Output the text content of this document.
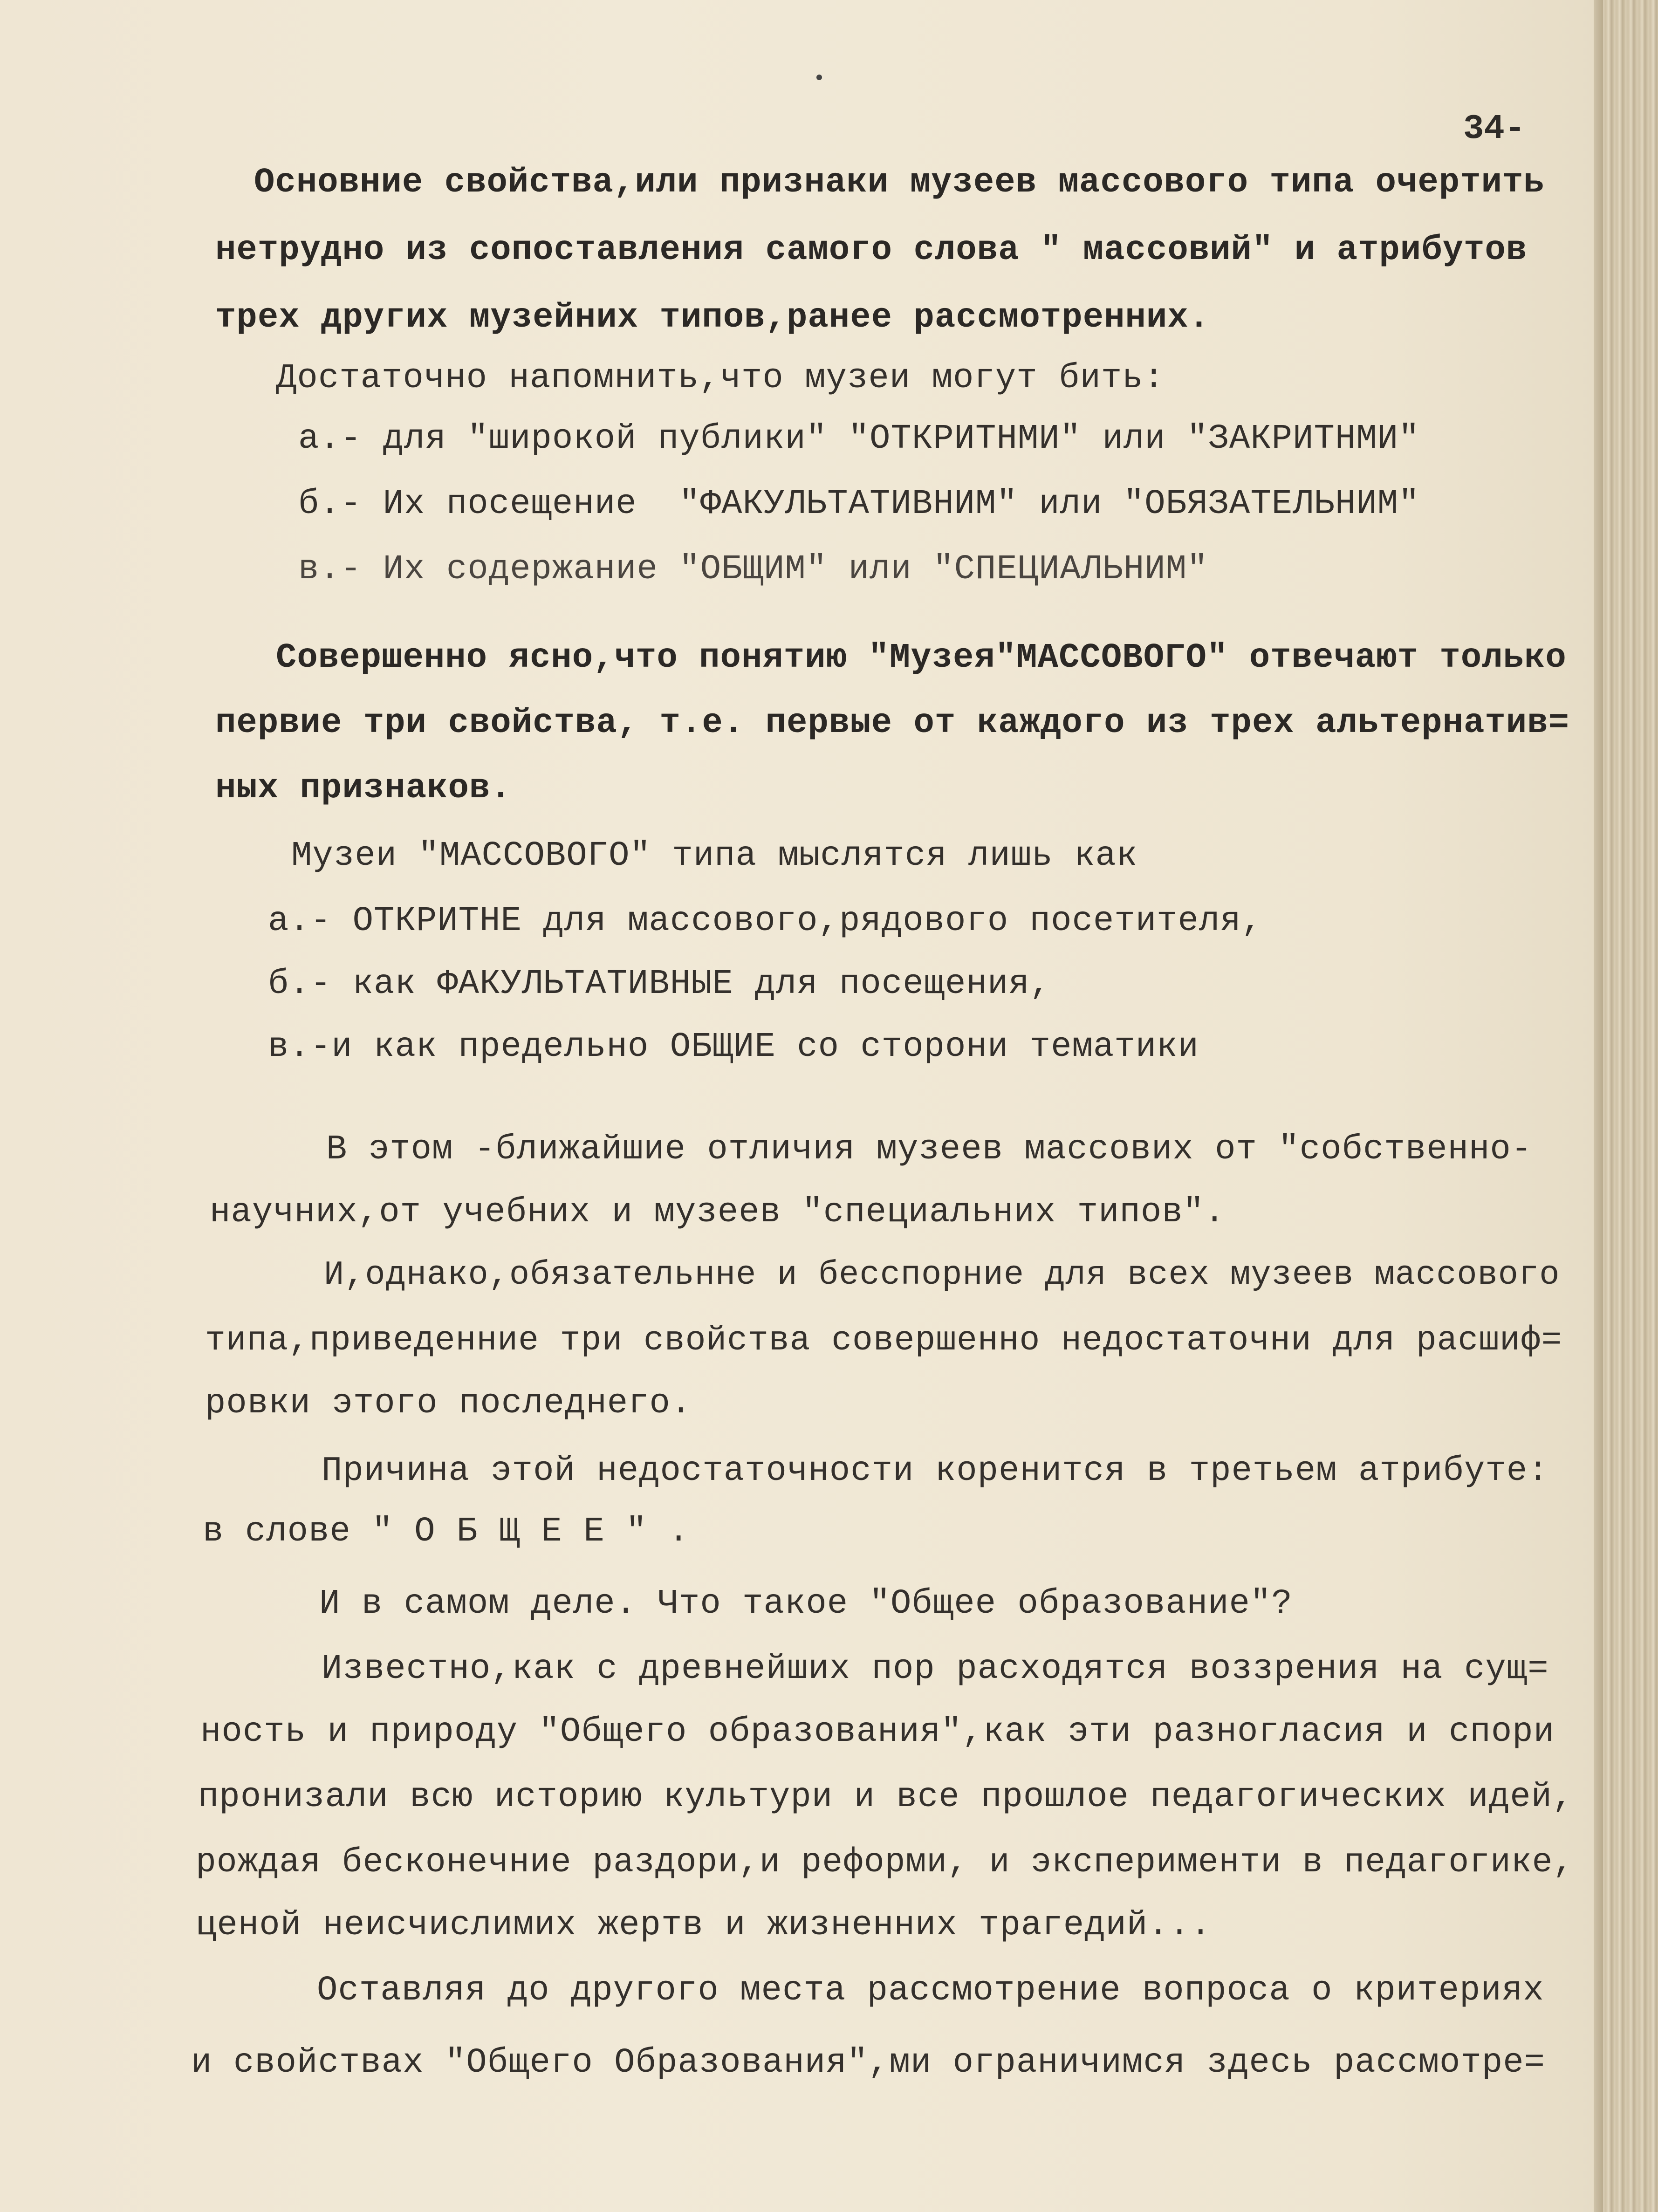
34-
Основние свойства,или признаки музеев массового типа очертить
нетрудно из сопоставления самого слова " массовий" и атрибутов
трех других музейних типов,ранее рассмотренних.
Достаточно напомнить,что музеи могут бить:
а.- для "широкой публики" "ОТКРИТНМИ" или "ЗАКРИТНМИ"
б.- Их посещение  "ФАКУЛЬТАТИВНИМ" или "ОБЯЗАТЕЛЬНИМ"
в.- Их содержание "ОБЩИМ" или "СПЕЦИАЛЬНИМ"
Совершенно ясно,что понятию "Музея"МАССОВОГО" отвечают только
первие три свойства, т.е. первые от каждого из трех альтернатив=
ных признаков.
Музеи "МАССОВОГО" типа мыслятся лишь как
а.- ОТКРИТНЕ для массового,рядового посетителя,
б.- как ФАКУЛЬТАТИВНЫЕ для посещения,
в.-и как предельно ОБЩИЕ со сторони тематики
В этом -ближайшие отличия музеев массових от "собственно-
научних,от учебних и музеев "специальних типов".
И,однако,обязательнне и бесспорние для всех музеев массового
типа,приведенние три свойства совершенно недостаточни для расшиф=
ровки этого последнего.
Причина этой недостаточности коренится в третьем атрибуте:
в слове " О Б Щ Е Е " .
И в самом деле. Что такое "Общее образование"?
Известно,как с древнейших пор расходятся воззрения на сущ=
ность и природу "Общего образования",как эти разногласия и спори
пронизали всю историю культури и все прошлое педагогических идей,
рождая бесконечние раздори,и реформи, и эксперименти в педагогике,
ценой неисчислимих жертв и жизненних трагедий...
Оставляя до другого места рассмотрение вопроса о критериях
и свойствах "Общего Образования",ми ограничимся здесь рассмотре=
